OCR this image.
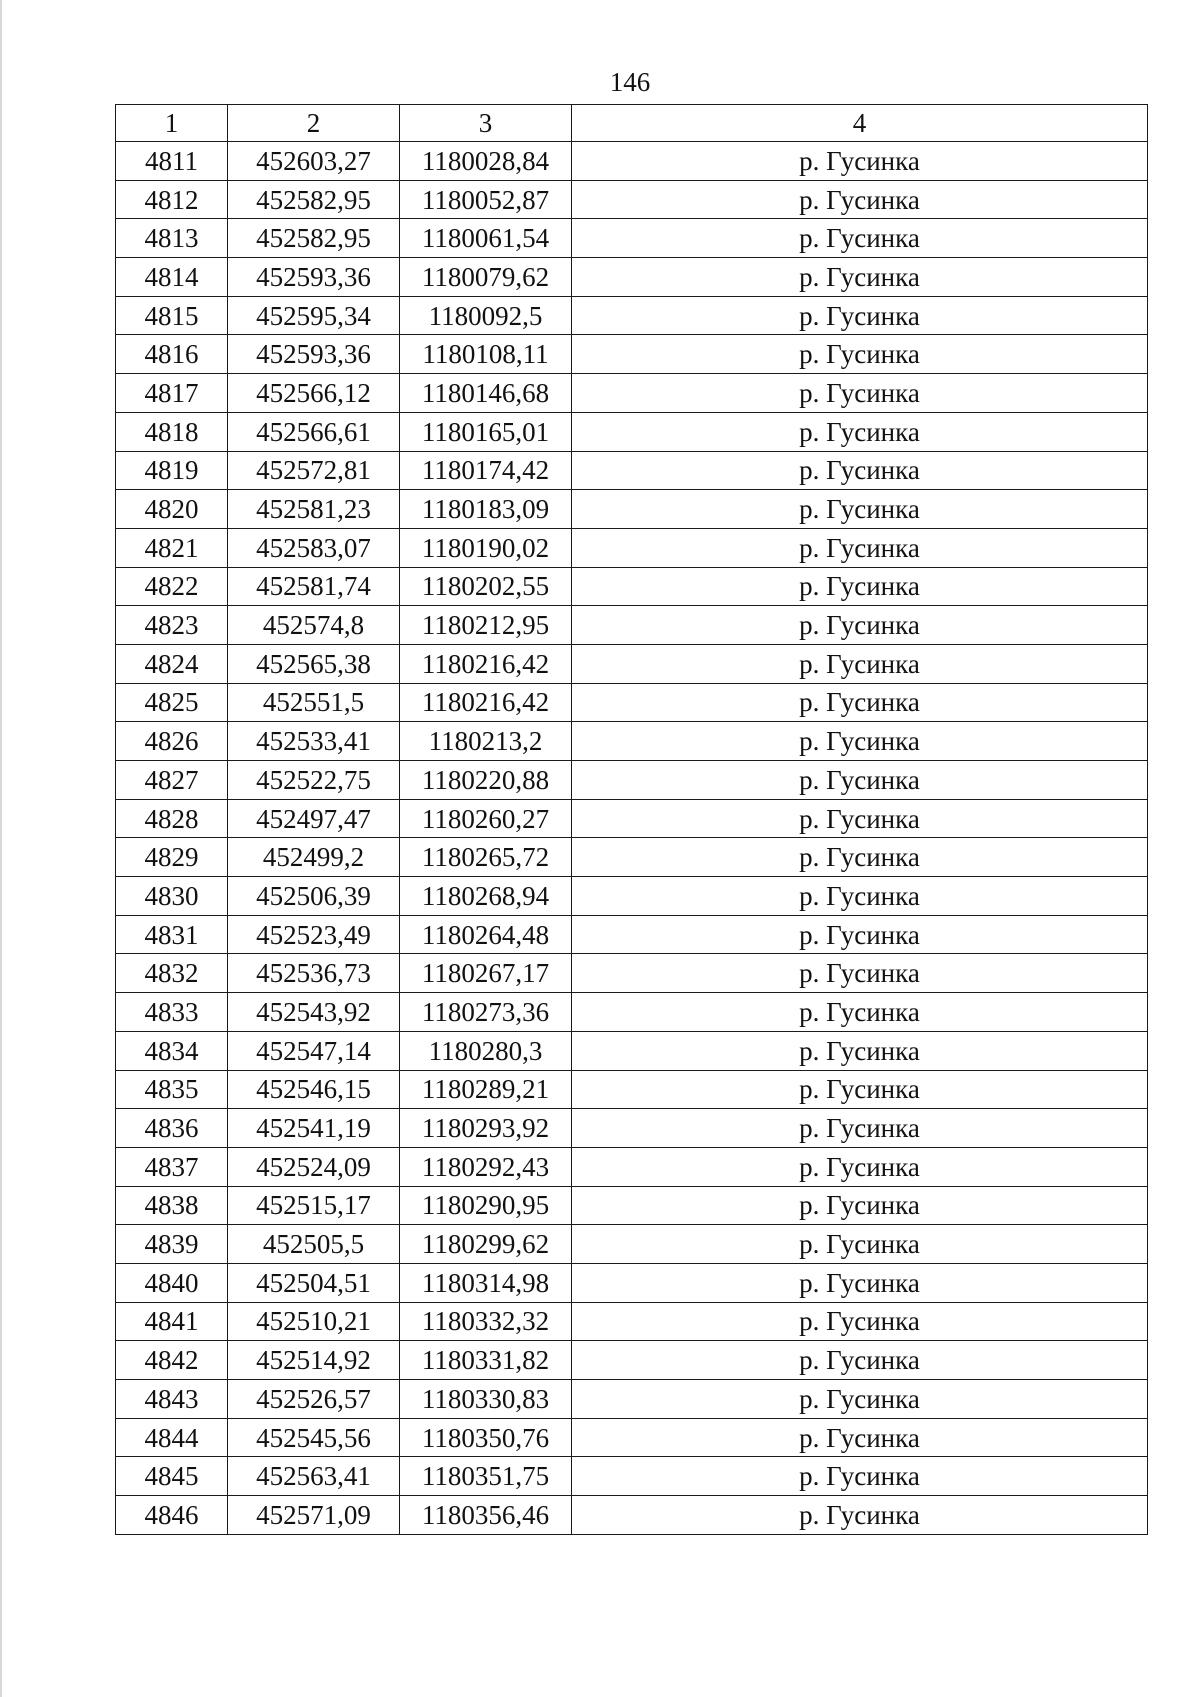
146
1	2	3	4
4811	452603,27	1180028,84	р. Гусинка
4812	452582,95	1180052,87	р. Гусинка
4813	452582,95	1180061,54	р. Гусинка
4814	452593,36	1180079,62	р. Гусинка
4815	452595,34	1180092,5	р. Гусинка
4816	452593,36	1180108,11	р. Гусинка
4817	452566,12	1180146,68	р. Гусинка
4818	452566,61	1180165,01	р. Гусинка
4819	452572,81	1180174,42	р. Гусинка
4820	452581,23	1180183,09	р. Гусинка
4821	452583,07	1180190,02	р. Гусинка
4822	452581,74	1180202,55	р. Гусинка
4823	452574,8	1180212,95	р. Гусинка
4824	452565,38	1180216,42	р. Гусинка
4825	452551,5	1180216,42	р. Гусинка
4826	452533,41	1180213,2	р. Гусинка
4827	452522,75	1180220,88	р. Гусинка
4828	452497,47	1180260,27	р. Гусинка
4829	452499,2	1180265,72	р. Гусинка
4830	452506,39	1180268,94	р. Гусинка
4831	452523,49	1180264,48	р. Гусинка
4832	452536,73	1180267,17	р. Гусинка
4833	452543,92	1180273,36	р. Гусинка
4834	452547,14	1180280,3	р. Гусинка
4835	452546,15	1180289,21	р. Гусинка
4836	452541,19	1180293,92	р. Гусинка
4837	452524,09	1180292,43	р. Гусинка
4838	452515,17	1180290,95	р. Гусинка
4839	452505,5	1180299,62	р. Гусинка
4840	452504,51	1180314,98	р. Гусинка
4841	452510,21	1180332,32	р. Гусинка
4842	452514,92	1180331,82	р. Гусинка
4843	452526,57	1180330,83	р. Гусинка
4844	452545,56	1180350,76	р. Гусинка
4845	452563,41	1180351,75	р. Гусинка
4846	452571,09	1180356,46	р. Гусинка
